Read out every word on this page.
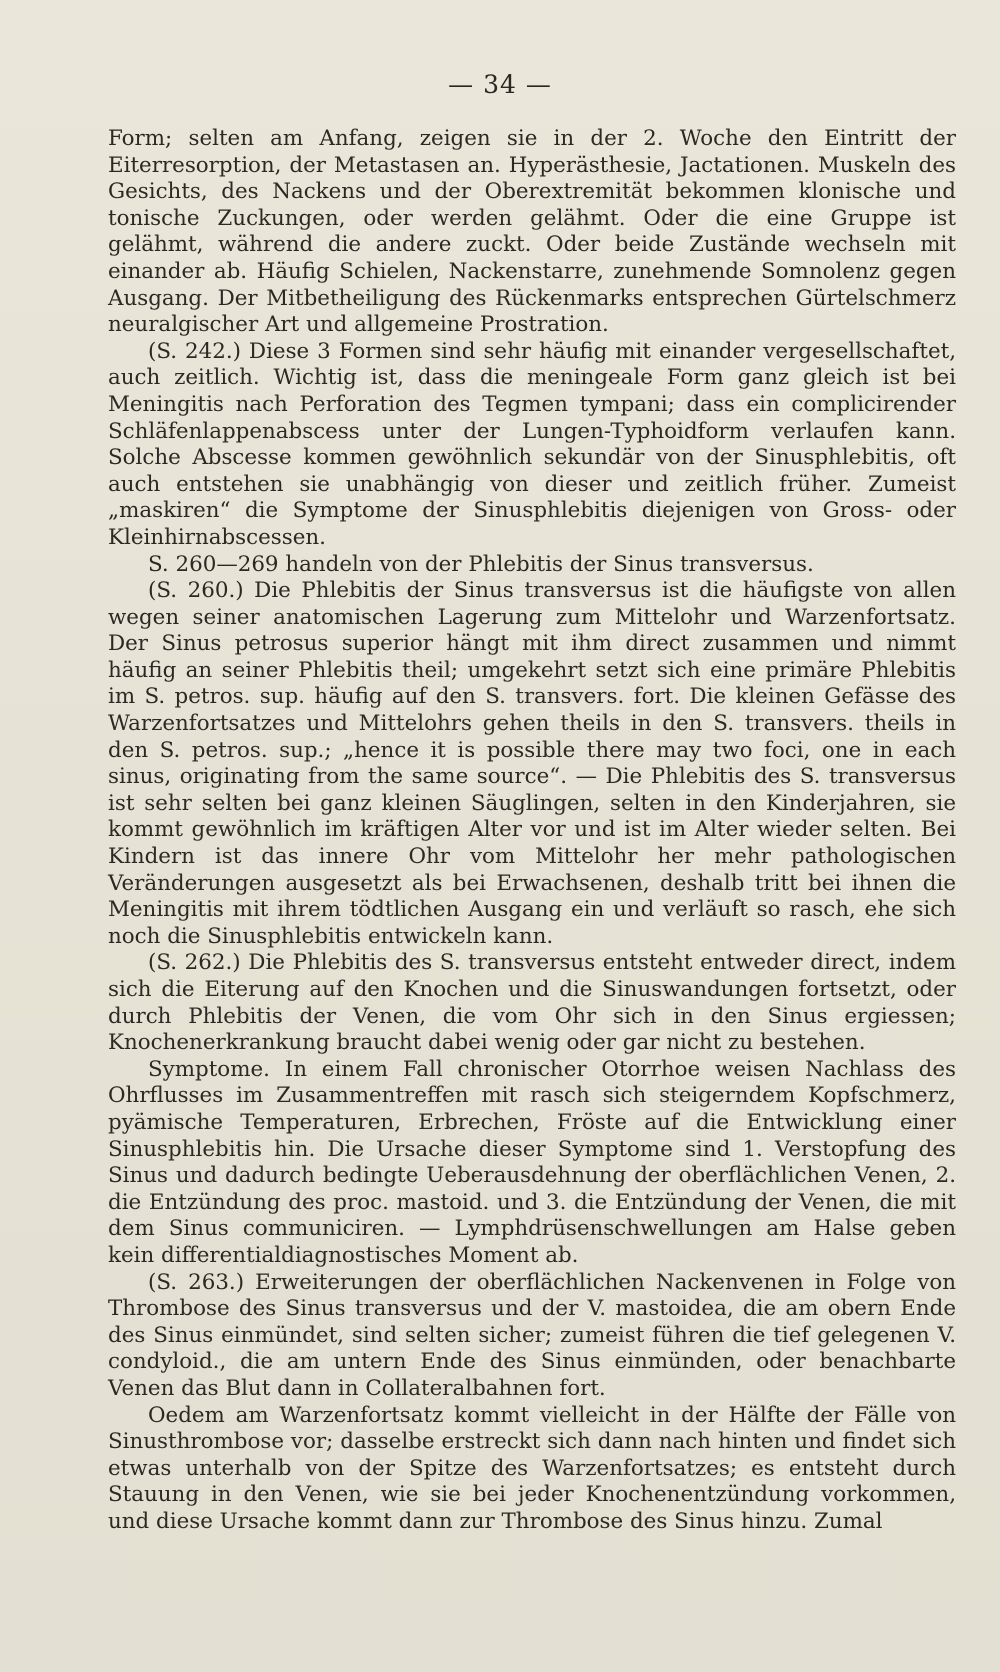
— 34 —

Form; selten am Anfang, zeigen sie in der 2. Woche den Eintritt der Eiterresorption, der Metastasen an. Hyperästhesie, Jactationen. Muskeln des Gesichts, des Nackens und der Oberextremität bekommen klonische und tonische Zuckungen, oder werden gelähmt. Oder die eine Gruppe ist gelähmt, während die andere zuckt. Oder beide Zustände wechseln mit einander ab. Häufig Schielen, Nackenstarre, zunehmende Somnolenz gegen Ausgang. Der Mitbetheiligung des Rückenmarks entsprechen Gürtelschmerz neuralgischer Art und allgemeine Prostration.

(S. 242.) Diese 3 Formen sind sehr häufig mit einander vergesellschaftet, auch zeitlich. Wichtig ist, dass die meningeale Form ganz gleich ist bei Meningitis nach Perforation des Tegmen tympani; dass ein complicirender Schläfenlappenabscess unter der Lungen-Typhoidform verlaufen kann. Solche Abscesse kommen gewöhnlich sekundär von der Sinusphlebitis, oft auch entstehen sie unabhängig von dieser und zeitlich früher. Zumeist „maskiren“ die Symptome der Sinusphlebitis diejenigen von Gross- oder Kleinhirnabscessen.

S. 260—269 handeln von der Phlebitis der Sinus transversus.

(S. 260.) Die Phlebitis der Sinus transversus ist die häufigste von allen wegen seiner anatomischen Lagerung zum Mittelohr und Warzenfortsatz. Der Sinus petrosus superior hängt mit ihm direct zusammen und nimmt häufig an seiner Phlebitis theil; umgekehrt setzt sich eine primäre Phlebitis im S. petros. sup. häufig auf den S. transvers. fort. Die kleinen Gefässe des Warzenfortsatzes und Mittelohrs gehen theils in den S. transvers. theils in den S. petros. sup.; „hence it is possible there may two foci, one in each sinus, originating from the same source“. — Die Phlebitis des S. transversus ist sehr selten bei ganz kleinen Säuglingen, selten in den Kinderjahren, sie kommt gewöhnlich im kräftigen Alter vor und ist im Alter wieder selten. Bei Kindern ist das innere Ohr vom Mittelohr her mehr pathologischen Veränderungen ausgesetzt als bei Erwachsenen, deshalb tritt bei ihnen die Meningitis mit ihrem tödtlichen Ausgang ein und verläuft so rasch, ehe sich noch die Sinusphlebitis entwickeln kann.

(S. 262.) Die Phlebitis des S. transversus entsteht entweder direct, indem sich die Eiterung auf den Knochen und die Sinuswandungen fortsetzt, oder durch Phlebitis der Venen, die vom Ohr sich in den Sinus ergiessen; Knochenerkrankung braucht dabei wenig oder gar nicht zu bestehen.

Symptome. In einem Fall chronischer Otorrhoe weisen Nachlass des Ohrflusses im Zusammentreffen mit rasch sich steigerndem Kopfschmerz, pyämische Temperaturen, Erbrechen, Fröste auf die Entwicklung einer Sinusphlebitis hin. Die Ursache dieser Symptome sind 1. Verstopfung des Sinus und dadurch bedingte Ueberausdehnung der oberflächlichen Venen, 2. die Entzündung des proc. mastoid. und 3. die Entzündung der Venen, die mit dem Sinus communiciren. — Lymphdrüsenschwellungen am Halse geben kein differentialdiagnostisches Moment ab.

(S. 263.) Erweiterungen der oberflächlichen Nackenvenen in Folge von Thrombose des Sinus transversus und der V. mastoidea, die am obern Ende des Sinus einmündet, sind selten sicher; zumeist führen die tief gelegenen V. condyloid., die am untern Ende des Sinus einmünden, oder benachbarte Venen das Blut dann in Collateralbahnen fort.

Oedem am Warzenfortsatz kommt vielleicht in der Hälfte der Fälle von Sinusthrombose vor; dasselbe erstreckt sich dann nach hinten und findet sich etwas unterhalb von der Spitze des Warzenfortsatzes; es entsteht durch Stauung in den Venen, wie sie bei jeder Knochenentzündung vorkommen, und diese Ursache kommt dann zur Thrombose des Sinus hinzu. Zumal
